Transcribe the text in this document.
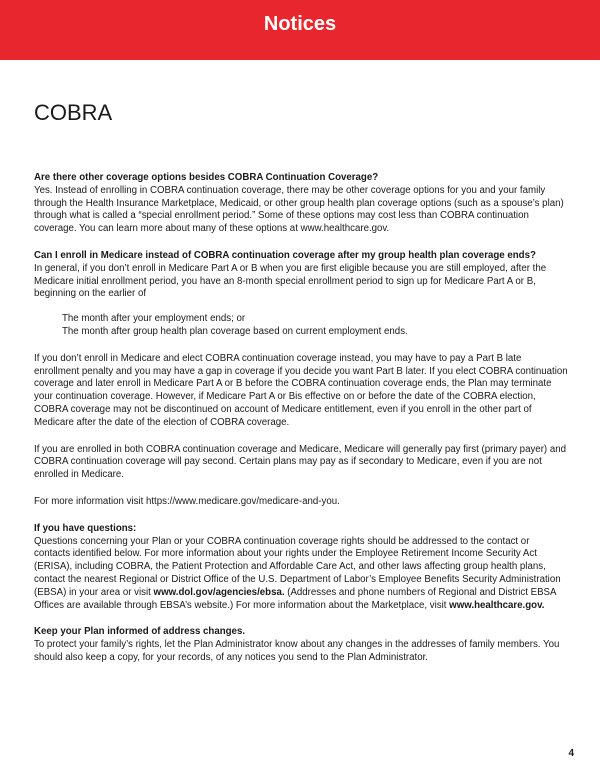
Notices
COBRA

Are there other coverage options besides COBRA Continuation Coverage?

Yes. Instead of enrolling in COBRA continuation coverage, there may be other coverage options for you and your family through the Health Insurance Marketplace, Medicaid, or other group health plan coverage options (such as a spouse’s plan) through what is called a “special enrollment period.” Some of these options may cost less than COBRA continuation coverage. You can learn more about many of these options at www.healthcare.gov.

Can I enroll in Medicare instead of COBRA continuation coverage after my group health plan coverage ends?

In general, if you don’t enroll in Medicare Part A or B when you are first eligible because you are still employed, after the Medicare initial enrollment period, you have an 8-month special enrollment period to sign up for Medicare Part A or B, beginning on the earlier of

The month after your employment ends; or
The month after group health plan coverage based on current employment ends.

If you don’t enroll in Medicare and elect COBRA continuation coverage instead, you may have to pay a Part B late enrollment penalty and you may have a gap in coverage if you decide you want Part B later. If you elect COBRA continuation coverage and later enroll in Medicare Part A or B before the COBRA continuation coverage ends, the Plan may terminate your continuation coverage. However, if Medicare Part A or Bis effective on or before the date of the COBRA election, COBRA coverage may not be discontinued on account of Medicare entitlement, even if you enroll in the other part of Medicare after the date of the election of COBRA coverage.

If you are enrolled in both COBRA continuation coverage and Medicare, Medicare will generally pay first (primary payer) and COBRA continuation coverage will pay second. Certain plans may pay as if secondary to Medicare, even if you are not enrolled in Medicare.

For more information visit https://www.medicare.gov/medicare-and-you.

If you have questions:

Questions concerning your Plan or your COBRA continuation coverage rights should be addressed to the contact or contacts identified below. For more information about your rights under the Employee Retirement Income Security Act (ERISA), including COBRA, the Patient Protection and Affordable Care Act, and other laws affecting group health plans, contact the nearest Regional or District Office of the U.S. Department of Labor’s Employee Benefits Security Administration (EBSA) in your area or visit www.dol.gov/agencies/ebsa. (Addresses and phone numbers of Regional and District EBSA Offices are available through EBSA’s website.) For more information about the Marketplace, visit www.healthcare.gov.

Keep your Plan informed of address changes.

To protect your family’s rights, let the Plan Administrator know about any changes in the addresses of family members. You should also keep a copy, for your records, of any notices you send to the Plan Administrator.

4
